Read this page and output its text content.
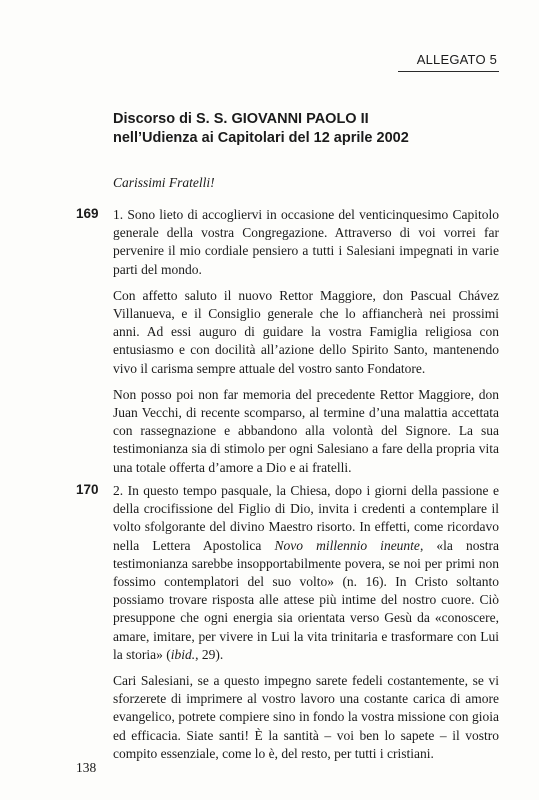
ALLEGATO 5
Discorso di S. S. GIOVANNI PAOLO II
nell’Udienza ai Capitolari del 12 aprile 2002
Carissimi Fratelli!
169 1. Sono lieto di accogliervi in occasione del venticinquesimo Capitolo generale della vostra Congregazione. Attraverso di voi vorrei far pervenire il mio cordiale pensiero a tutti i Salesiani impegnati in varie parti del mondo.

Con affetto saluto il nuovo Rettor Maggiore, don Pascual Chávez Villanueva, e il Consiglio generale che lo affiancherà nei prossimi anni. Ad essi auguro di guidare la vostra Famiglia religiosa con entusiasmo e con docilità all’azione dello Spirito Santo, mantenendo vivo il carisma sempre attuale del vostro santo Fondatore.

Non posso poi non far memoria del precedente Rettor Maggiore, don Juan Vecchi, di recente scomparso, al termine d’una malattia accettata con rassegnazione e abbandono alla volontà del Signore. La sua testimonianza sia di stimolo per ogni Salesiano a fare della propria vita una totale offerta d’amore a Dio e ai fratelli.

170 2. In questo tempo pasquale, la Chiesa, dopo i giorni della passione e della crocifissione del Figlio di Dio, invita i credenti a contemplare il volto sfolgorante del divino Maestro risorto. In effetti, come ricordavo nella Lettera Apostolica Novo millennio ineunte, «la nostra testimonianza sarebbe insopportabilmente povera, se noi per primi non fossimo contemplatori del suo volto» (n. 16). In Cristo soltanto possiamo trovare risposta alle attese più intime del nostro cuore. Ciò presuppone che ogni energia sia orientata verso Gesù da «conoscere, amare, imitare, per vivere in Lui la vita trinitaria e trasformare con Lui la storia» (ibid., 29).

Cari Salesiani, se a questo impegno sarete fedeli costantemente, se vi sforzerete di imprimere al vostro lavoro una costante carica di amore evangelico, potrete compiere sino in fondo la vostra missione con gioia ed efficacia. Siate santi! È la santità – voi ben lo sapete – il vostro compito essenziale, come lo è, del resto, per tutti i cristiani.

138
